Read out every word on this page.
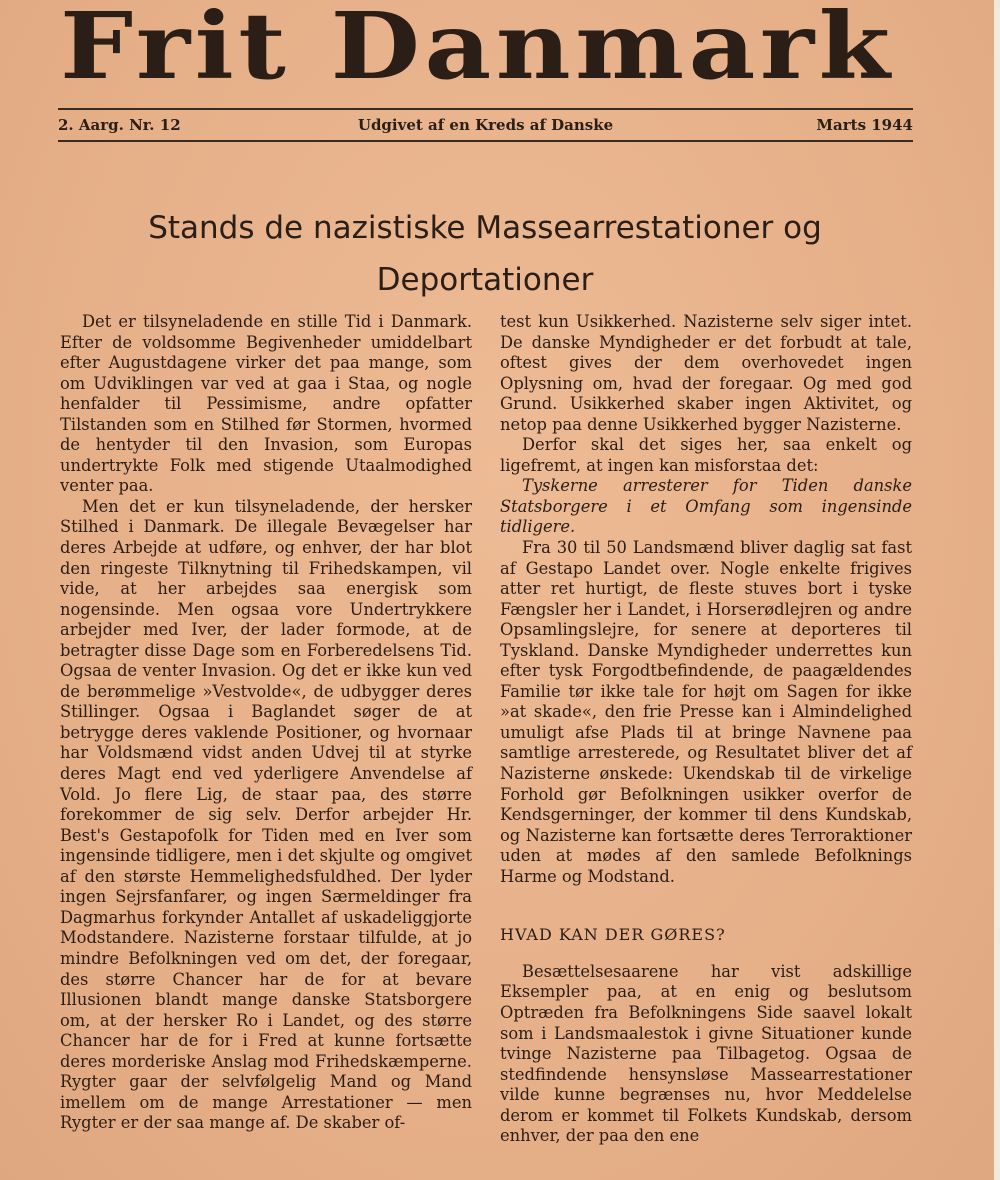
Frit Danmark
2. Aarg. Nr. 12	Udgivet af en Kreds af Danske	Marts 1944
Stands de nazistiske Massearrestationer og
Deportationer

Det er tilsyneladende en stille Tid i Danmark. Efter de voldsomme Begivenheder umiddelbart efter Augustdagene virker det paa mange, som om Udviklingen var ved at gaa i Staa, og nogle henfalder til Pessimisme, andre opfatter Tilstanden som en Stilhed før Stormen, hvormed de hentyder til den Invasion, som Europas undertrykte Folk med stigende Utaalmodighed venter paa.

Men det er kun tilsyneladende, der hersker Stilhed i Danmark. De illegale Bevægelser har deres Arbejde at udføre, og enhver, der har blot den ringeste Tilknytning til Frihedskampen, vil vide, at her arbejdes saa energisk som nogensinde. Men ogsaa vore Undertrykkere arbejder med Iver, der lader formode, at de betragter disse Dage som en Forberedelsens Tid. Ogsaa de venter Invasion. Og det er ikke kun ved de berømmelige »Vestvolde«, de udbygger deres Stillinger. Ogsaa i Baglandet søger de at betrygge deres vaklende Positioner, og hvornaar har Voldsmænd vidst anden Udvej til at styrke deres Magt end ved yderligere Anvendelse af Vold. Jo flere Lig, de staar paa, des større forekommer de sig selv. Derfor arbejder Hr. Best's Gestapofolk for Tiden med en Iver som ingensinde tidligere, men i det skjulte og omgivet af den største Hemmelighedsfuldhed. Der lyder ingen Sejrsfanfarer, og ingen Særmeldinger fra Dagmarhus forkynder Antallet af uskadeliggjorte Modstandere. Nazisterne forstaar tilfulde, at jo mindre Befolkningen ved om det, der foregaar, des større Chancer har de for at bevare Illusionen blandt mange danske Statsborgere om, at der hersker Ro i Landet, og des større Chancer har de for i Fred at kunne fortsætte deres morderiske Anslag mod Frihedskæmperne. Rygter gaar der selvfølgelig Mand og Mand imellem om de mange Arrestationer — men Rygter er der saa mange af. De skaber of-

test kun Usikkerhed. Nazisterne selv siger intet. De danske Myndigheder er det forbudt at tale, oftest gives der dem overhovedet ingen Oplysning om, hvad der foregaar. Og med god Grund. Usikkerhed skaber ingen Aktivitet, og netop paa denne Usikkerhed bygger Nazisterne.

Derfor skal det siges her, saa enkelt og ligefremt, at ingen kan misforstaa det:

Tyskerne arresterer for Tiden danske Statsborgere i et Omfang som ingensinde tidligere.

Fra 30 til 50 Landsmænd bliver daglig sat fast af Gestapo Landet over. Nogle enkelte frigives atter ret hurtigt, de fleste stuves bort i tyske Fængsler her i Landet, i Horserødlejren og andre Opsamlingslejre, for senere at deporteres til Tyskland. Danske Myndigheder underrettes kun efter tysk Forgodtbefindende, de paagældendes Familie tør ikke tale for højt om Sagen for ikke »at skade«, den frie Presse kan i Almindelighed umuligt afse Plads til at bringe Navnene paa samtlige arresterede, og Resultatet bliver det af Nazisterne ønskede: Ukendskab til de virkelige Forhold gør Befolkningen usikker overfor de Kendsgerninger, der kommer til dens Kundskab, og Nazisterne kan fortsætte deres Terroraktioner uden at mødes af den samlede Befolknings Harme og Modstand.

HVAD KAN DER GØRES?

Besættelsesaarene har vist adskillige Eksempler paa, at en enig og beslutsom Optræden fra Befolkningens Side saavel lokalt som i Landsmaalestok i givne Situationer kunde tvinge Nazisterne paa Tilbagetog. Ogsaa de stedfindende hensynsløse Massearrestationer vilde kunne begrænses nu, hvor Meddelelse derom er kommet til Folkets Kundskab, dersom enhver, der paa den ene
